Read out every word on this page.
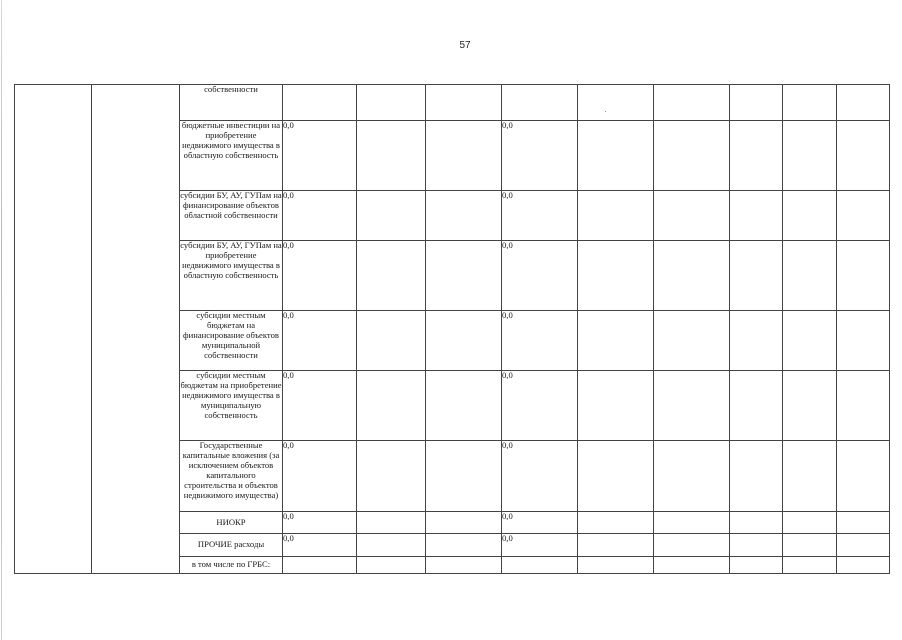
57
		собственности									
		бюджетные инвестиции на приобретение недвижимого имущества в областную собственность	0,0			0,0					
		субсидии БУ, АУ, ГУПам на финансирование объектов областной собственности	0,0			0,0					
		субсидии БУ, АУ, ГУПам на приобретение недвижимого имущества в областную собственность	0,0			0,0					
		субсидии местным бюджетам на финансирование объектов муниципальной собственности	0,0			0,0					
		субсидии местным бюджетам на приобретение недвижимого имущества в муниципальную собственность	0,0			0,0					
		Государственные капитальные вложения (за исключением объектов капитального строительства и объектов недвижимого имущества)	0,0			0,0					
		НИОКР	0,0			0,0					
		ПРОЧИЕ расходы	0,0			0,0					
		в том числе по ГРБС:									
